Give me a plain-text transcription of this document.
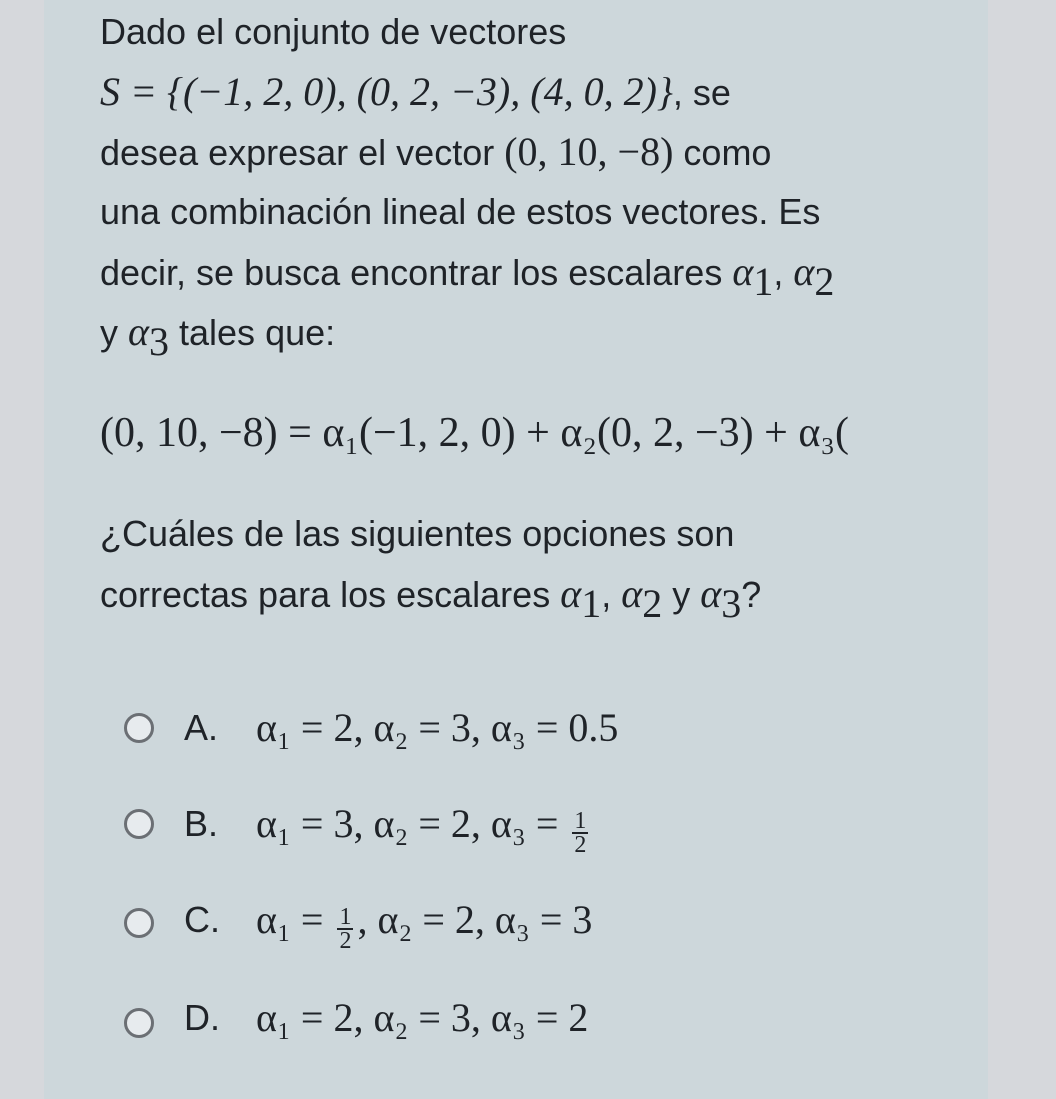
Dado el conjunto de vectores
S = {(−1, 2, 0), (0, 2, −3), (4, 0, 2)}, se
desea expresar el vector (0, 10, −8) como
una combinación lineal de estos vectores. Es
decir, se busca encontrar los escalares $\alpha_1$, $\alpha_2$
y $\alpha_3$ tales que:
(0, 10, −8) = α₁(−1, 2, 0) + α₂(0, 2, −3) + α₃(
¿Cuáles de las siguientes opciones son
correctas para los escalares $\alpha_1$, $\alpha_2$ y $\alpha_3$?
A. α₁ = 2, α₂ = 3, α₃ = 0.5
B. α₁ = 3, α₂ = 2, $\alpha_3 = \frac{1}{2}$
C. $\alpha_1 = \frac{1}{2}$ , α₂ = 2, α₃ = 3
D. α₁ = 2, α₂ = 3, α₃ = 2
